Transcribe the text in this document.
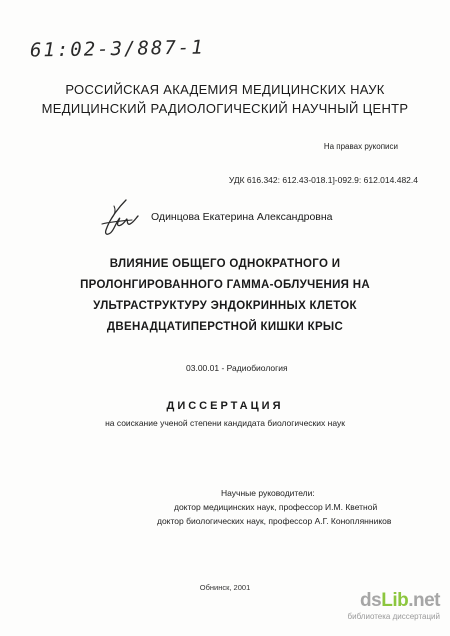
61:02-3/887-1
РОССИЙСКАЯ АКАДЕМИЯ МЕДИЦИНСКИХ НАУК
МЕДИЦИНСКИЙ РАДИОЛОГИЧЕСКИЙ НАУЧНЫЙ ЦЕНТР
На правах рукописи
УДК 616.342: 612.43-018.1]-092.9: 612.014.482.4
Одинцова Екатерина Александровна
ВЛИЯНИЕ ОБЩЕГО ОДНОКРАТНОГО И
ПРОЛОНГИРОВАННОГО ГАММА-ОБЛУЧЕНИЯ НА
УЛЬТРАСТРУКТУРУ ЭНДОКРИННЫХ КЛЕТОК
ДВЕНАДЦАТИПЕРСТНОЙ КИШКИ КРЫС
03.00.01 - Радиобиология
ДИССЕРТАЦИЯ
на соискание ученой степени кандидата биологических наук
Научные руководители:
доктор медицинских наук, профессор И.М. Кветной
доктор биологических наук, профессор А.Г. Коноплянников
Обнинск, 2001
dsLib.net
библиотека диссертаций
